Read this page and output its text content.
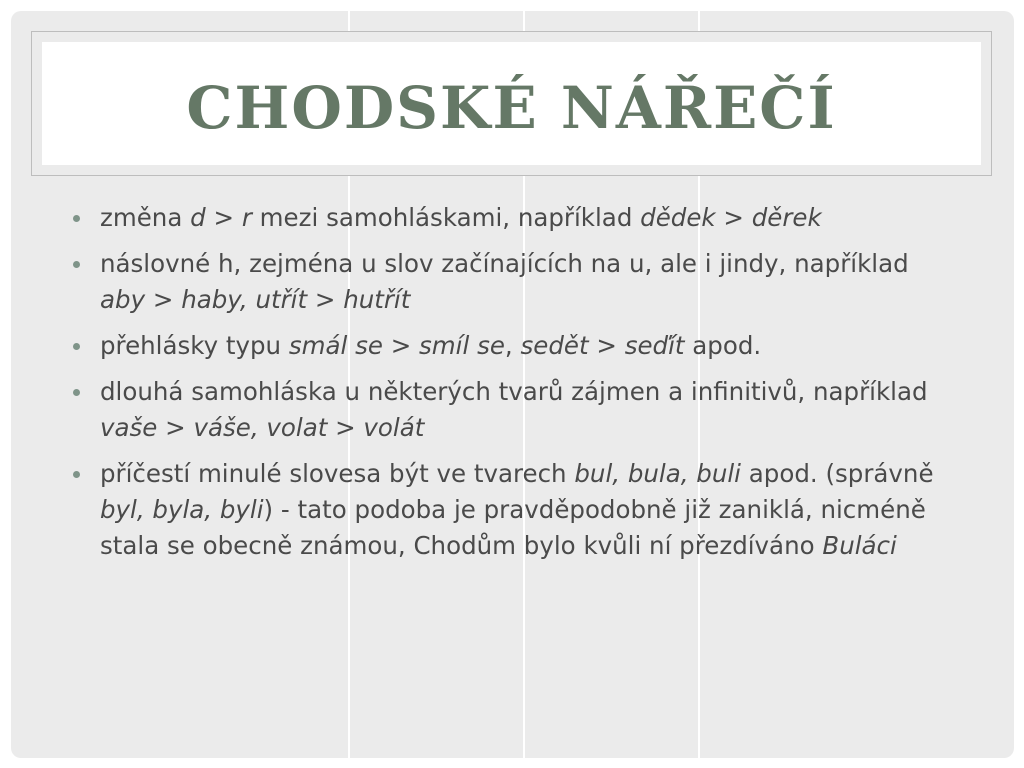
CHODSKÉ NÁŘEČÍ
změna d > r mezi samohláskami, například dědek > děrek
náslovné h, zejména u slov začínajících na u, ale i jindy, například aby > haby, utřít > hutřít
přehlásky typu smál se > smíl se, sedět > seďít apod.
dlouhá samohláska u některých tvarů zájmen a infinitivů, například vaše > váše, volat > volát
příčestí minulé slovesa být ve tvarech bul, bula, buli apod. (správně byl, byla, byli) - tato podoba je pravděpodobně již zaniklá, nicméně stala se obecně známou, Chodům bylo kvůli ní přezdíváno Buláci
